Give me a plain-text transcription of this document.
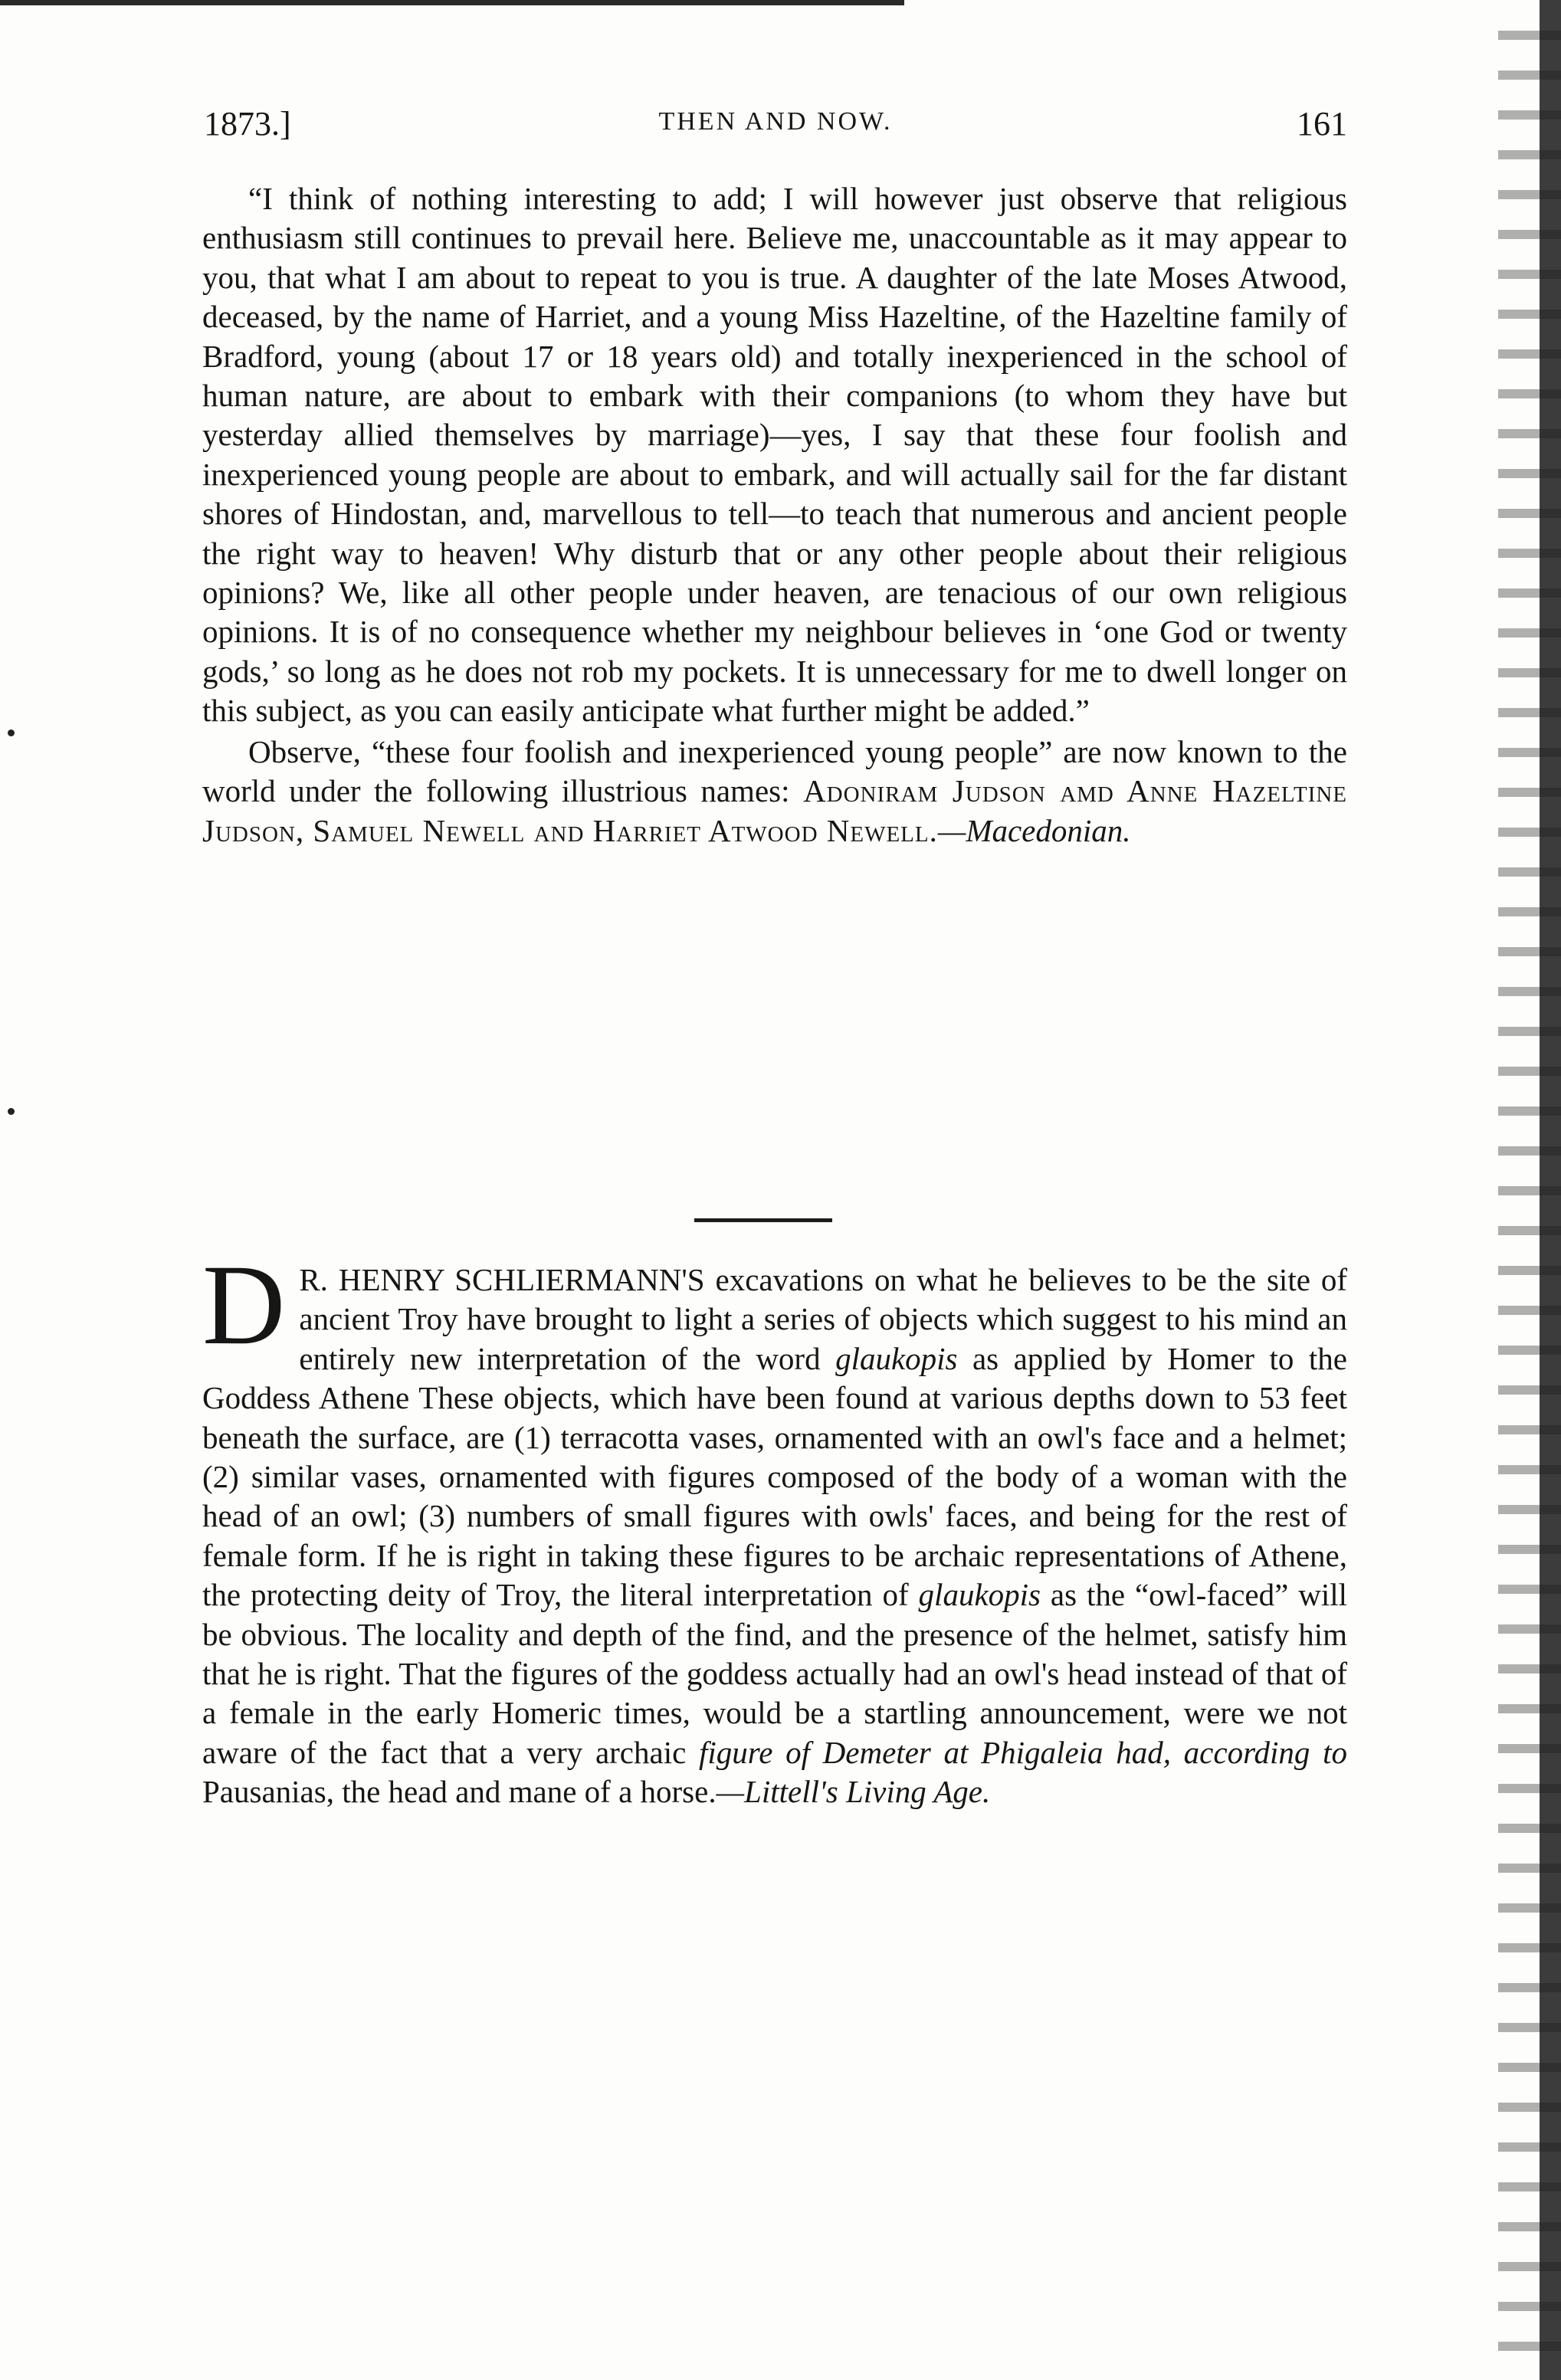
1873.]	THEN AND NOW.	161

“I think of nothing interesting to add; I will however just observe that religious enthusiasm still continues to prevail here. Believe me, unaccountable as it may appear to you, that what I am about to repeat to you is true. A daughter of the late Moses Atwood, deceased, by the name of Harriet, and a young Miss Hazeltine, of the Hazeltine family of Bradford, young (about 17 or 18 years old) and totally inexperienced in the school of human nature, are about to embark with their companions (to whom they have but yesterday allied themselves by marriage)—yes, I say that these four foolish and inexperienced young people are about to embark, and will actually sail for the far distant shores of Hindostan, and, marvellous to tell—to teach that numerous and ancient people the right way to heaven! Why disturb that or any other people about their religious opinions? We, like all other people under heaven, are tenacious of our own religious opinions. It is of no consequence whether my neighbour believes in ‘one God or twenty gods,’ so long as he does not rob my pockets. It is unnecessary for me to dwell longer on this subject, as you can easily anticipate what further might be added.”

Observe, “these four foolish and inexperienced young people” are now known to the world under the following illustrious names: Adoniram Judson amd Anne Hazeltine Judson, Samuel Newell and Harriet Atwood Newell.—Macedonian.

D R. HENRY SCHLIERMANN'S excavations on what he believes to be the site of ancient Troy have brought to light a series of objects which suggest to his mind an entirely new interpretation of the word glaukopis as applied by Homer to the Goddess Athene These objects, which have been found at various depths down to 53 feet beneath the surface, are (1) terracotta vases, ornamented with an owl's face and a helmet; (2) similar vases, ornamented with figures composed of the body of a woman with the head of an owl; (3) numbers of small figures with owls' faces, and being for the rest of female form. If he is right in taking these figures to be archaic representations of Athene, the protecting deity of Troy, the literal interpretation of glaukopis as the “owl-faced” will be obvious. The locality and depth of the find, and the presence of the helmet, satisfy him that he is right. That the figures of the goddess actually had an owl's head instead of that of a female in the early Homeric times, would be a startling announcement, were we not aware of the fact that a very archaic figure of Demeter at Phigaleia had, according to Pausanias, the head and mane of a horse.—Littell's Living Age.
